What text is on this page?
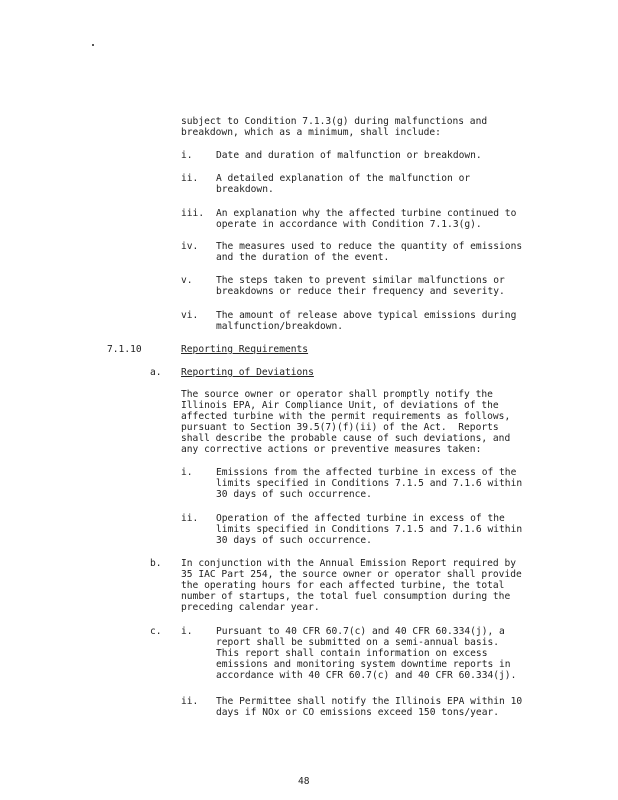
subject to Condition 7.1.3(g) during malfunctions and
breakdown, which as a minimum, shall include:
i. Date and duration of malfunction or breakdown.
ii. A detailed explanation of the malfunction or
breakdown.
iii. An explanation why the affected turbine continued to
operate in accordance with Condition 7.1.3(g).
iv. The measures used to reduce the quantity of emissions
and the duration of the event.
v. The steps taken to prevent similar malfunctions or
breakdowns or reduce their frequency and severity.
vi. The amount of release above typical emissions during
malfunction/breakdown.
7.1.10	Reporting Requirements
a. Reporting of Deviations
The source owner or operator shall promptly notify the
Illinois EPA, Air Compliance Unit, of deviations of the
affected turbine with the permit requirements as follows,
pursuant to Section 39.5(7)(f)(ii) of the Act.  Reports
shall describe the probable cause of such deviations, and
any corrective actions or preventive measures taken:
i. Emissions from the affected turbine in excess of the
limits specified in Conditions 7.1.5 and 7.1.6 within
30 days of such occurrence.
ii. Operation of the affected turbine in excess of the
limits specified in Conditions 7.1.5 and 7.1.6 within
30 days of such occurrence.
b. In conjunction with the Annual Emission Report required by
35 IAC Part 254, the source owner or operator shall provide
the operating hours for each affected turbine, the total
number of startups, the total fuel consumption during the
preceding calendar year.
c. i. Pursuant to 40 CFR 60.7(c) and 40 CFR 60.334(j), a
report shall be submitted on a semi-annual basis.
This report shall contain information on excess
emissions and monitoring system downtime reports in
accordance with 40 CFR 60.7(c) and 40 CFR 60.334(j).
ii. The Permittee shall notify the Illinois EPA within 10
days if NOx or CO emissions exceed 150 tons/year.
48
